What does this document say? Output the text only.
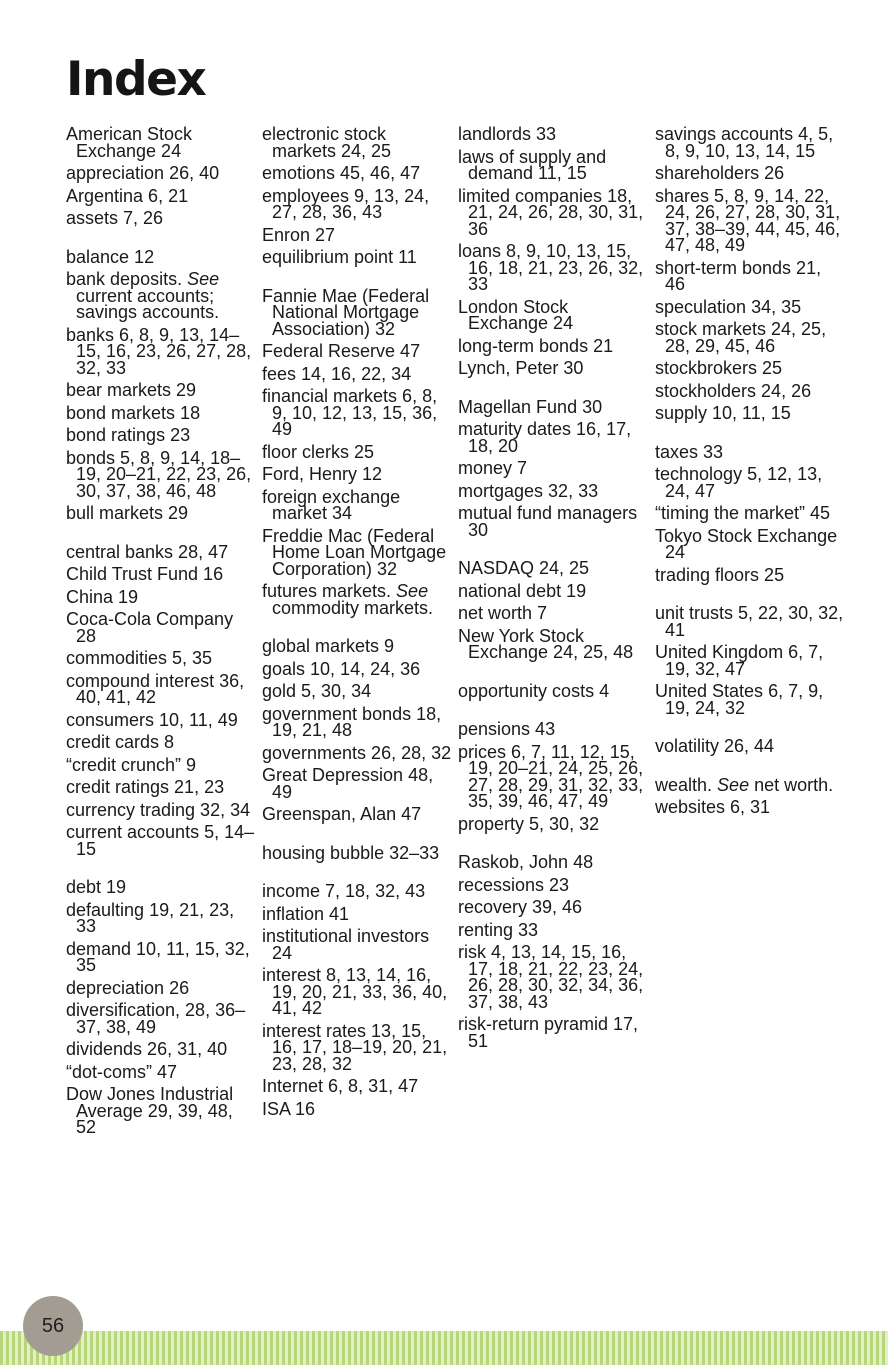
Index

American Stock Exchange 24

appreciation 26, 40

Argentina 6, 21

assets 7, 26

balance 12

bank deposits. See current accounts; savings accounts.

banks 6, 8, 9, 13, 14–15, 16, 23, 26, 27, 28, 32, 33

bear markets 29

bond markets 18

bond ratings 23

bonds 5, 8, 9, 14, 18–19, 20–21, 22, 23, 26, 30, 37, 38, 46, 48

bull markets 29

central banks 28, 47

Child Trust Fund 16

China 19

Coca-Cola Company 28

commodities 5, 35

compound interest 36, 40, 41, 42

consumers 10, 11, 49

credit cards 8

“credit crunch” 9

credit ratings 21, 23

currency trading 32, 34

current accounts 5, 14–15

debt 19

defaulting 19, 21, 23, 33

demand 10, 11, 15, 32, 35

depreciation 26

diversification, 28, 36–37, 38, 49

dividends 26, 31, 40

“dot-coms” 47

Dow Jones Industrial Average 29, 39, 48, 52

electronic stock markets 24, 25

emotions 45, 46, 47

employees 9, 13, 24, 27, 28, 36, 43

Enron 27

equilibrium point 11

Fannie Mae (Federal National Mortgage Association) 32

Federal Reserve 47

fees 14, 16, 22, 34

financial markets 6, 8, 9, 10, 12, 13, 15, 36, 49

floor clerks 25

Ford, Henry 12

foreign exchange market 34

Freddie Mac (Federal Home Loan Mortgage Corporation) 32

futures markets. See commodity markets.

global markets 9

goals 10, 14, 24, 36

gold 5, 30, 34

government bonds 18, 19, 21, 48

governments 26, 28, 32

Great Depression 48, 49

Greenspan, Alan 47

housing bubble 32–33

income 7, 18, 32, 43

inflation 41

institutional investors 24

interest 8, 13, 14, 16, 19, 20, 21, 33, 36, 40, 41, 42

interest rates 13, 15, 16, 17, 18–19, 20, 21, 23, 28, 32

Internet 6, 8, 31, 47

ISA 16

landlords 33

laws of supply and demand 11, 15

limited companies 18, 21, 24, 26, 28, 30, 31, 36

loans 8, 9, 10, 13, 15, 16, 18, 21, 23, 26, 32, 33

London Stock Exchange 24

long-term bonds 21

Lynch, Peter 30

Magellan Fund 30

maturity dates 16, 17, 18, 20

money 7

mortgages 32, 33

mutual fund managers 30

NASDAQ 24, 25

national debt 19

net worth 7

New York Stock Exchange 24, 25, 48

opportunity costs 4

pensions 43

prices 6, 7, 11, 12, 15, 19, 20–21, 24, 25, 26, 27, 28, 29, 31, 32, 33, 35, 39, 46, 47, 49

property 5, 30, 32

Raskob, John 48

recessions 23

recovery 39, 46

renting 33

risk 4, 13, 14, 15, 16, 17, 18, 21, 22, 23, 24, 26, 28, 30, 32, 34, 36, 37, 38, 43

risk-return pyramid 17, 51

savings accounts 4, 5, 8, 9, 10, 13, 14, 15

shareholders 26

shares 5, 8, 9, 14, 22, 24, 26, 27, 28, 30, 31, 37, 38–39, 44, 45, 46, 47, 48, 49

short-term bonds 21, 46

speculation 34, 35

stock markets 24, 25, 28, 29, 45, 46

stockbrokers 25

stockholders 24, 26

supply 10, 11, 15

taxes 33

technology 5, 12, 13, 24, 47

“timing the market” 45

Tokyo Stock Exchange 24

trading floors 25

unit trusts 5, 22, 30, 32, 41

United Kingdom 6, 7, 19, 32, 47

United States 6, 7, 9, 19, 24, 32

volatility 26, 44

wealth. See net worth.

websites 6, 31

56
